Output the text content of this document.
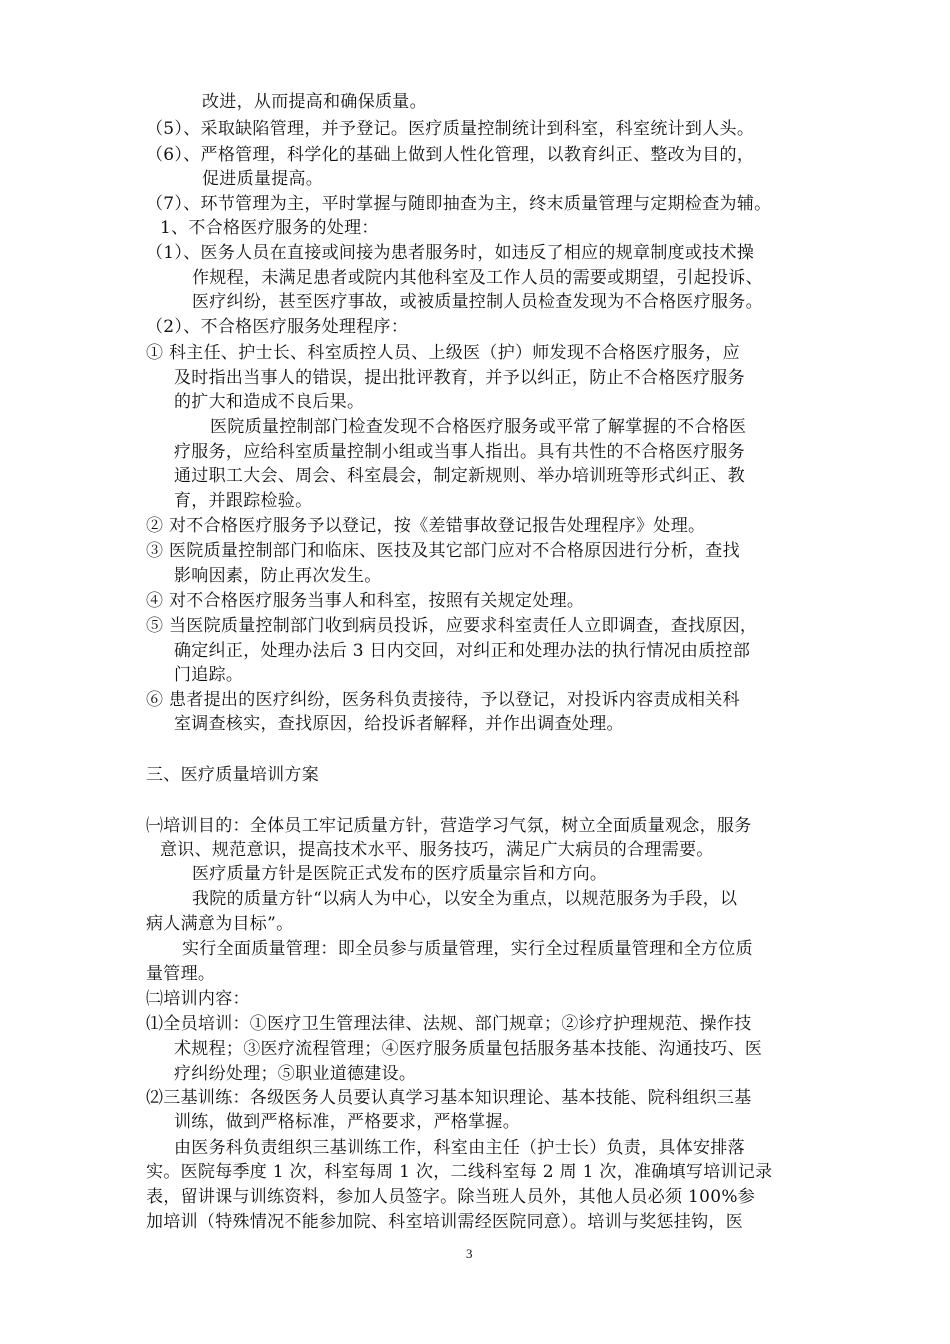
改进，从而提高和确保质量。
（5）、采取缺陷管理，并予登记。医疗质量控制统计到科室，科室统计到人头。
（6）、严格管理，科学化的基础上做到人性化管理，以教育纠正、整改为目的，
促进质量提高。
（7）、环节管理为主，平时掌握与随即抽查为主，终末质量管理与定期检查为辅。
1、不合格医疗服务的处理：
（1）、医务人员在直接或间接为患者服务时，如违反了相应的规章制度或技术操
作规程，未满足患者或院内其他科室及工作人员的需要或期望，引起投诉、
医疗纠纷，甚至医疗事故，或被质量控制人员检查发现为不合格医疗服务。
（2）、不合格医疗服务处理程序：
① 科主任、护士长、科室质控人员、上级医（护）师发现不合格医疗服务，应
及时指出当事人的错误，提出批评教育，并予以纠正，防止不合格医疗服务
的扩大和造成不良后果。
医院质量控制部门检查发现不合格医疗服务或平常了解掌握的不合格医
疗服务，应给科室质量控制小组或当事人指出。具有共性的不合格医疗服务
通过职工大会、周会、科室晨会，制定新规则、举办培训班等形式纠正、教
育，并跟踪检验。
② 对不合格医疗服务予以登记，按《差错事故登记报告处理程序》处理。
③ 医院质量控制部门和临床、医技及其它部门应对不合格原因进行分析，查找
影响因素，防止再次发生。
④ 对不合格医疗服务当事人和科室，按照有关规定处理。
⑤ 当医院质量控制部门收到病员投诉，应要求科室责任人立即调查，查找原因，
确定纠正，处理办法后 3 日内交回，对纠正和处理办法的执行情况由质控部
门追踪。
⑥ 患者提出的医疗纠纷，医务科负责接待，予以登记，对投诉内容责成相关科
室调查核实，查找原因，给投诉者解释，并作出调查处理。
三、医疗质量培训方案
㈠培训目的：全体员工牢记质量方针，营造学习气氛，树立全面质量观念，服务
意识、规范意识，提高技术水平、服务技巧，满足广大病员的合理需要。
医疗质量方针是医院正式发布的医疗质量宗旨和方向。
我院的质量方针“以病人为中心，以安全为重点，以规范服务为手段，以
病人满意为目标”。
实行全面质量管理：即全员参与质量管理，实行全过程质量管理和全方位质
量管理。
㈡培训内容：
⑴全员培训：①医疗卫生管理法律、法规、部门规章；②诊疗护理规范、操作技
术规程；③医疗流程管理；④医疗服务质量包括服务基本技能、沟通技巧、医
疗纠纷处理；⑤职业道德建设。
⑵三基训练：各级医务人员要认真学习基本知识理论、基本技能、院科组织三基
训练，做到严格标准，严格要求，严格掌握。
由医务科负责组织三基训练工作，科室由主任（护士长）负责，具体安排落
实。医院每季度 1 次，科室每周 1 次，二线科室每 2 周 1 次，准确填写培训记录
表，留讲课与训练资料，参加人员签字。除当班人员外，其他人员必须 100%参
加培训（特殊情况不能参加院、科室培训需经医院同意）。培训与奖惩挂钩，医
3
